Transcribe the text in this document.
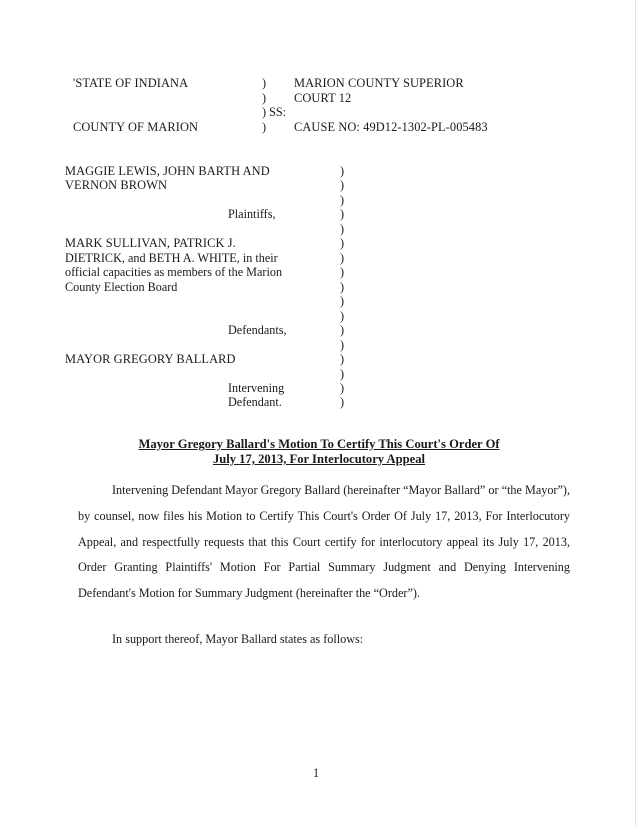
'STATE OF INDIANA
COUNTY OF MARION
)
)
) SS:
)
MARION COUNTY SUPERIOR
COURT 12
CAUSE NO: 49D12-1302-PL-005483
MAGGIE LEWIS, JOHN BARTH AND
VERNON BROWN
Plaintiffs,
MARK SULLIVAN, PATRICK J.
DIETRICK, and BETH A. WHITE, in their
official capacities as members of the Marion
County Election Board
Defendants,
MAYOR GREGORY BALLARD
Intervening
Defendant.
)
)
)
)
)
)
)
)
)
)
)
)
)
)
)
)
)
Mayor Gregory Ballard's Motion To Certify This Court's Order Of
July 17, 2013, For Interlocutory Appeal
Intervening Defendant Mayor Gregory Ballard (hereinafter “Mayor Ballard” or “the Mayor”), by counsel, now files his Motion to Certify This Court's Order Of July 17, 2013, For Interlocutory Appeal, and respectfully requests that this Court certify for interlocutory appeal its July 17, 2013, Order Granting Plaintiffs' Motion For Partial Summary Judgment and Denying Intervening Defendant's Motion for Summary Judgment (hereinafter the “Order”).
In support thereof, Mayor Ballard states as follows:
1
